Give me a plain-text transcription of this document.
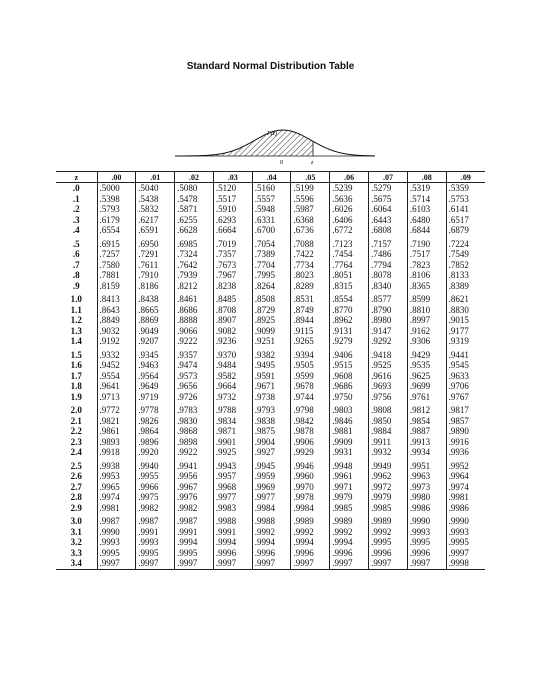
Standard Normal Distribution Table
F(z)
0	z
z	.00	.01	.02	.03	.04	.05	.06	.07	.08	.09
.0	.5000	.5040	.5080	.5120	.5160	.5199	.5239	.5279	.5319	.5359
.1	.5398	.5438	.5478	.5517	.5557	.5596	.5636	.5675	.5714	.5753
.2	.5793	.5832	.5871	.5910	.5948	.5987	.6026	.6064	.6103	.6141
.3	.6179	.6217	.6255	.6293	.6331	.6368	.6406	.6443	.6480	.6517
.4	.6554	.6591	.6628	.6664	.6700	.6736	.6772	.6808	.6844	.6879
.5	.6915	.6950	.6985	.7019	.7054	.7088	.7123	.7157	.7190	.7224
.6	.7257	.7291	.7324	.7357	.7389	.7422	.7454	.7486	.7517	.7549
.7	.7580	.7611	.7642	.7673	.7704	.7734	.7764	.7794	.7823	.7852
.8	.7881	.7910	.7939	.7967	.7995	.8023	.8051	.8078	.8106	.8133
.9	.8159	.8186	.8212	.8238	.8264	.8289	.8315	.8340	.8365	.8389
1.0	.8413	.8438	.8461	.8485	.8508	.8531	.8554	.8577	.8599	.8621
1.1	.8643	.8665	.8686	.8708	.8729	.8749	.8770	.8790	.8810	.8830
1.2	.8849	.8869	.8888	.8907	.8925	.8944	.8962	.8980	.8997	.9015
1.3	.9032	.9049	.9066	.9082	.9099	.9115	.9131	.9147	.9162	.9177
1.4	.9192	.9207	.9222	.9236	.9251	.9265	.9279	.9292	.9306	.9319
1.5	.9332	.9345	.9357	.9370	.9382	.9394	.9406	.9418	.9429	.9441
1.6	.9452	.9463	.9474	.9484	.9495	.9505	.9515	.9525	.9535	.9545
1.7	.9554	.9564	.9573	.9582	.9591	.9599	.9608	.9616	.9625	.9633
1.8	.9641	.9649	.9656	.9664	.9671	.9678	.9686	.9693	.9699	.9706
1.9	.9713	.9719	.9726	.9732	.9738	.9744	.9750	.9756	.9761	.9767
2.0	.9772	.9778	.9783	.9788	.9793	.9798	.9803	.9808	.9812	.9817
2.1	.9821	.9826	.9830	.9834	.9838	.9842	.9846	.9850	.9854	.9857
2.2	.9861	.9864	.9868	.9871	.9875	.9878	.9881	.9884	.9887	.9890
2.3	.9893	.9896	.9898	.9901	.9904	.9906	.9909	.9911	.9913	.9916
2.4	.9918	.9920	.9922	.9925	.9927	.9929	.9931	.9932	.9934	.9936
2.5	.9938	.9940	.9941	.9943	.9945	.9946	.9948	.9949	.9951	.9952
2.6	.9953	.9955	.9956	.9957	.9959	.9960	.9961	.9962	.9963	.9964
2.7	.9965	.9966	.9967	.9968	.9969	.9970	.9971	.9972	.9973	.9974
2.8	.9974	.9975	.9976	.9977	.9977	.9978	.9979	.9979	.9980	.9981
2.9	.9981	.9982	.9982	.9983	.9984	.9984	.9985	.9985	.9986	.9986
3.0	.9987	.9987	.9987	.9988	.9988	.9989	.9989	.9989	.9990	.9990
3.1	.9990	.9991	.9991	.9991	.9992	.9992	.9992	.9992	.9993	.9993
3.2	.9993	.9993	.9994	.9994	.9994	.9994	.9994	.9995	.9995	.9995
3.3	.9995	.9995	.9995	.9996	.9996	.9996	.9996	.9996	.9996	.9997
3.4	.9997	.9997	.9997	.9997	.9997	.9997	.9997	.9997	.9997	.9998
